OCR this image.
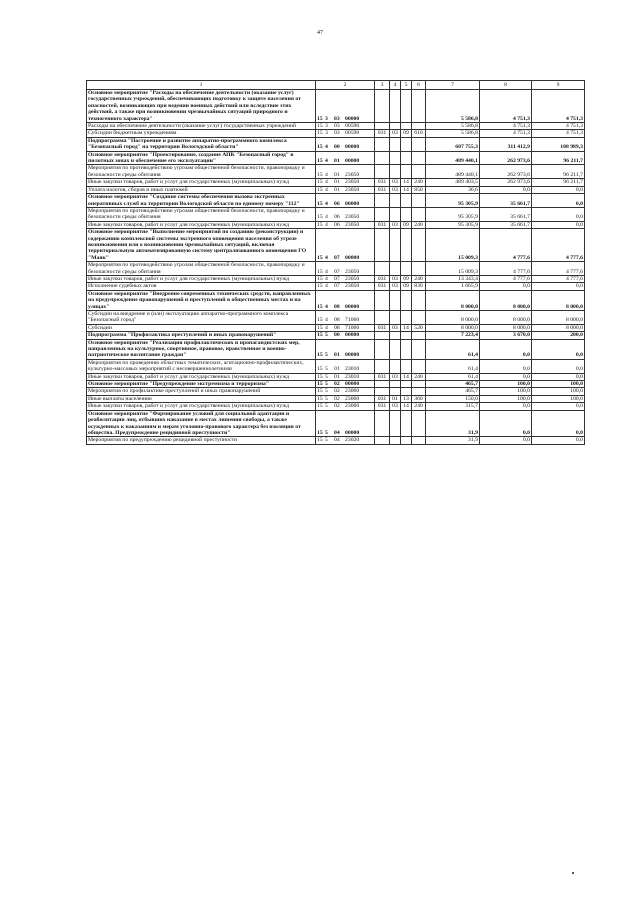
47
1	2	3	4	5	6	7	8	9
Основное мероприятие "Расходы на обеспечение деятельности (оказание услуг) государственных учреждений, обеспечивающих подготовку к защите населения от опасностей, возникающих при ведении военных действий или вследствие этих действий, а также при возникновении чрезвычайных ситуаций природного и техногенного характера"	15 3 03 00000					5 586,8	4 751,3	4 751,3
Расходы на обеспечение деятельности (оказание услуг) государственных учреждений	15 3 03 00590					5 586,8	4 751,3	4 751,3
Субсидии бюджетным учреждениям	15 3 03 00590	031	03	09	610	5 586,8	4 751,3	4 751,3
Подпрограмма "Построение и развитие аппаратно-программного комплекса "Безопасный город" на территории Вологодской области"	15 4 00 00000					607 755,3	311 412,9	108 989,3
Основное мероприятие "Проектирование, создание АПК "Безопасный город" в пилотных зонах и обеспечение его эксплуатации"	15 4 01 00000					489 440,1	262 973,6	96 211,7
Мероприятия по противодействию угрозам общественной безопасности, правопорядку и безопасности среды обитания	15 4 01 23050					489 440,1	262 973,6	96 211,7
Иные закупки товаров, работ и услуг для государственных (муниципальных) нужд	15 4 01 23050	031	03	14	240	489 403,5	262 973,6	96 211,7
Уплата налогов, сборов и иных платежей	15 4 01 23050	031	03	14	850	36,6	0,0	0,0
Основное мероприятие "Создание системы обеспечения вызова экстренных оперативных служб на территории Вологодской области по единому номеру "112"	15 4 06 00000					95 305,9	35 661,7	0,0
Мероприятия по противодействию угрозам общественной безопасности, правопорядку и безопасности среды обитания	15 4 06 23050					95 305,9	35 661,7	0,0
Иные закупки товаров, работ и услуг для государственных (муниципальных) нужд	15 4 06 23050	031	03	09	240	95 305,9	35 661,7	0,0
Основное мероприятие "Выполнение мероприятий по созданию (реконструкции) и содержанию комплексной системы экстренного оповещения населения об угрозе возникновения или о возникновении чрезвычайных ситуаций, включая территориальную автоматизированную систему централизованного оповещения ГО "Маяк"	15 4 07 00000					15 009,3	4 777,6	4 777,6
Мероприятия по противодействию угрозам общественной безопасности, правопорядку и безопасности среды обитания	15 4 07 23050					15 009,3	4 777,6	4 777,6
Иные закупки товаров, работ и услуг для государственных (муниципальных) нужд	15 4 07 23050	031	03	09	240	13 343,4	4 777,6	4 777,6
Исполнение судебных актов	15 4 07 23050	031	03	09	830	1 665,9	0,0	0,0
Основное мероприятие "Внедрение современных технических средств, направленных на предупреждение правонарушений и преступлений в общественных местах и на улицах"	15 4 08 00000					8 000,0	8 000,0	8 000,0
Субсидии на внедрение и (или) эксплуатацию аппаратно-программного комплекса "Безопасный город"	15 4 08 71060					8 000,0	8 000,0	8 000,0
Субсидии	15 4 08 71060	031	03	14	520	8 000,0	8 000,0	8 000,0
Подпрограмма "Профилактика преступлений и иных правонарушений"	15 5 00 00000					7 223,4	3 670,0	200,0
Основное мероприятие "Реализация профилактических и пропагандистских мер, направленных на культурное, спортивное, правовое, нравственное и военно-патриотическое воспитание граждан"	15 5 01 00000					61,4	0,0	0,0
Мероприятия по проведению областных тематических, агитационно-профилактических, культурно-массовых мероприятий с несовершеннолетними	15 5 01 23010					61,4	0,0	0,0
Иные закупки товаров, работ и услуг для государственных (муниципальных) нужд	15 5 01 23010	031	03	14	240	61,4	0,0	0,0
Основное мероприятие "Предупреждение экстремизма и терроризма"	15 5 02 00000					465,7	100,0	100,0
Мероприятия по профилактике преступлений и иных правонарушений	15 5 02 23060					465,7	100,0	100,0
Иные выплаты населению	15 5 02 23060	031	01	13	360	150,0	100,0	100,0
Иные закупки товаров, работ и услуг для государственных (муниципальных) нужд	15 5 02 23060	031	03	14	240	315,7	0,0	0,0
Основное мероприятие "Формирование условий для социальной адаптации и реабилитации лиц, отбывших наказание в местах лишения свободы, а также осужденных к наказаниям и мерам уголовно-правового характера без изоляции от общества. Предупреждение рецидивной преступности"	15 5 04 00000					31,9	0,0	0,0
Мероприятия по предупреждению рецидивной преступности	15 5 04 23020					31,9	0,0	0,0
